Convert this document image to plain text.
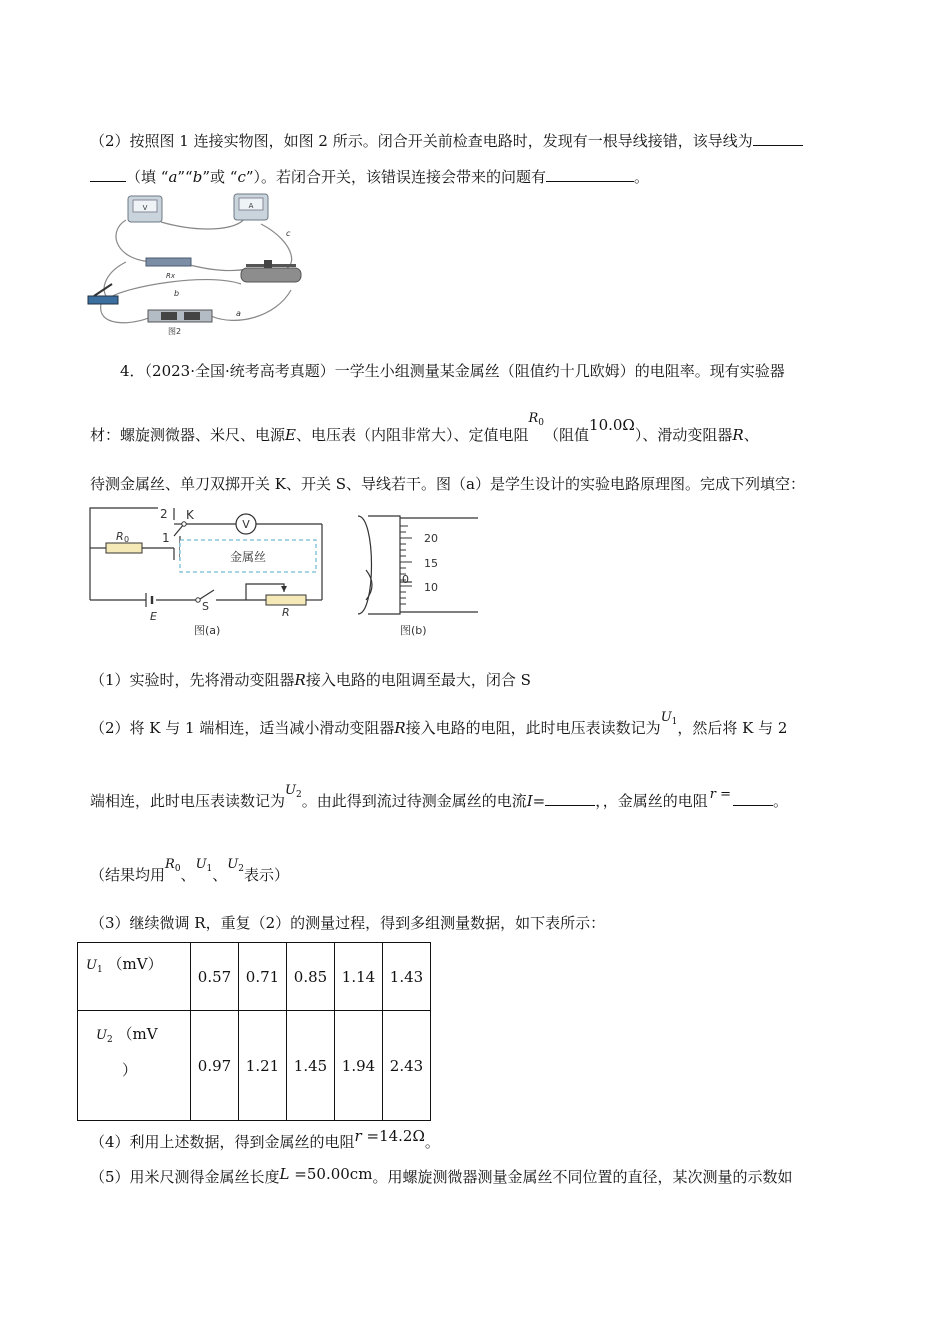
（2）按照图 1 连接实物图，如图 2 所示。闭合开关前检查电路时，发现有一根导线接错，该导线为
（填 “a”“b”或 “c”）。若闭合开关，该错误连接会带来的问题有	。
V	A
Rx
b
a
c
图2
4．（2023·全国·统考高考真题）一学生小组测量某金属丝（阻值约十几欧姆）的电阻率。现有实验器
材：螺旋测微器、米尺、电源E、电压表（内阻非常大）、定值电阻$R_0$（阻值10.0Ω）、滑动变阻器R、
待测金属丝、单刀双掷开关 K、开关 S、导线若干。图（a）是学生设计的实验电路原理图。完成下列填空：
V
金属丝
2
1
K
R 0
E
S	R
图(a)
20
15
10
0
图(b)
（1）实验时，先将滑动变阻器R接入电路的电阻调至最大，闭合 S
（2）将 K 与 1 端相连，适当减小滑动变阻器R接入电路的电阻，此时电压表读数记为$U_1$，然后将 K 与 2
端相连，此时电压表读数记为$U_2$。由此得到流过待测金属丝的电流I=	，，金属丝的电阻 r =	。
（结果均用$R_0$、$U_1$、$U_2$表示）
（3）继续微调 R，重复（2）的测量过程，得到多组测量数据，如下表所示：
$U_1$ （mV）	0.57	0.71	0.85	1.14	1.43
$U_2$ （mV
）	0.97	1.21	1.45	1.94	2.43
（4）利用上述数据，得到金属丝的电阻r =14.2Ω。
（5）用米尺测得金属丝长度L =50.00cm。用螺旋测微器测量金属丝不同位置的直径，某次测量的示数如
